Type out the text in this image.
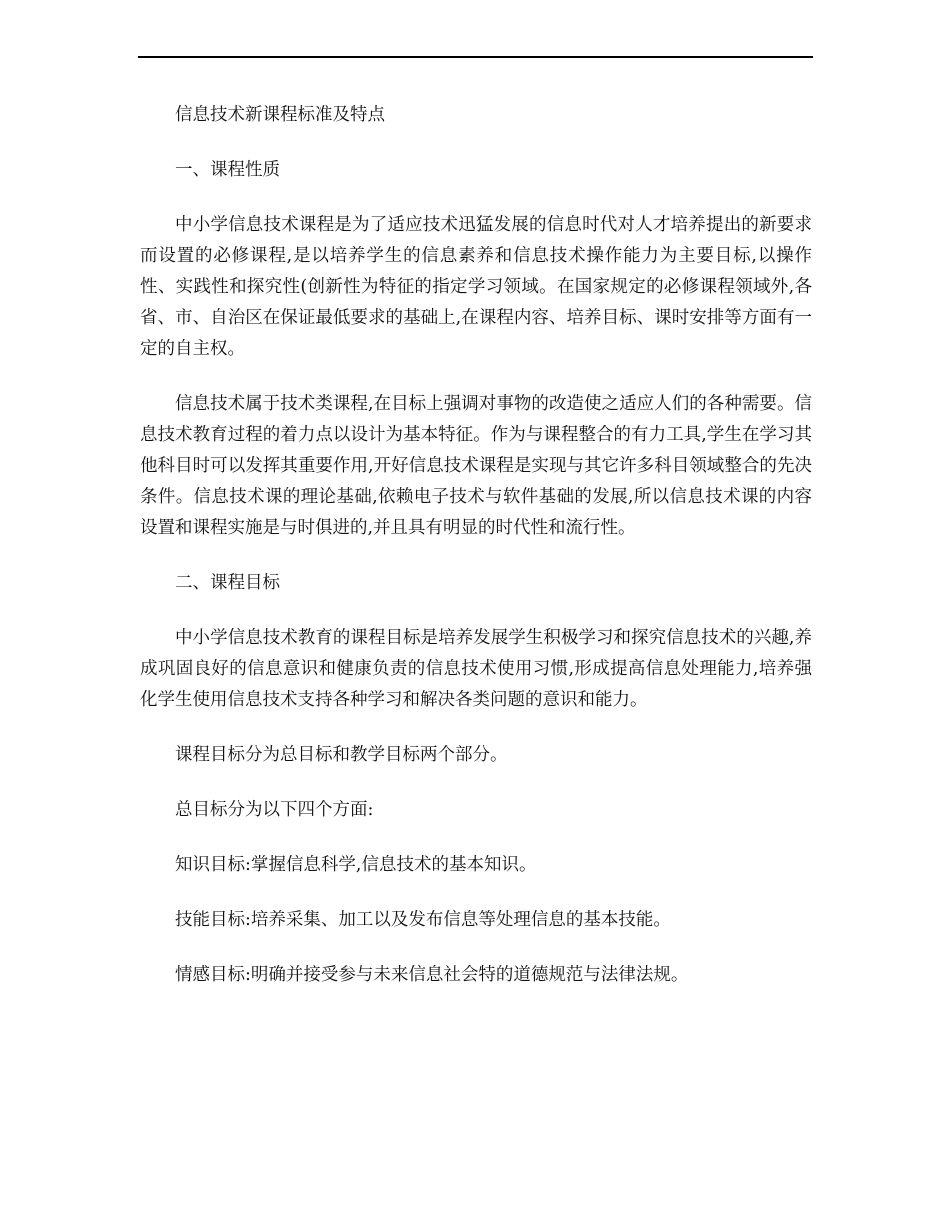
信息技术新课程标准及特点

一、课程性质

中小学信息技术课程是为了适应技术迅猛发展的信息时代对人才培养提出的新要求而设置的必修课程,是以培养学生的信息素养和信息技术操作能力为主要目标,以操作性、实践性和探究性(创新性为特征的指定学习领域。在国家规定的必修课程领域外,各省、市、自治区在保证最低要求的基础上,在课程内容、培养目标、课时安排等方面有一定的自主权。

信息技术属于技术类课程,在目标上强调对事物的改造使之适应人们的各种需要。信息技术教育过程的着力点以设计为基本特征。作为与课程整合的有力工具,学生在学习其他科目时可以发挥其重要作用,开好信息技术课程是实现与其它许多科目领域整合的先决条件。信息技术课的理论基础,依赖电子技术与软件基础的发展,所以信息技术课的内容设置和课程实施是与时俱进的,并且具有明显的时代性和流行性。

二、课程目标

中小学信息技术教育的课程目标是培养发展学生积极学习和探究信息技术的兴趣,养成巩固良好的信息意识和健康负责的信息技术使用习惯,形成提高信息处理能力,培养强化学生使用信息技术支持各种学习和解决各类问题的意识和能力。

课程目标分为总目标和教学目标两个部分。

总目标分为以下四个方面:

知识目标:掌握信息科学,信息技术的基本知识。

技能目标:培养采集、加工以及发布信息等处理信息的基本技能。

情感目标:明确并接受参与未来信息社会特的道德规范与法律法规。
